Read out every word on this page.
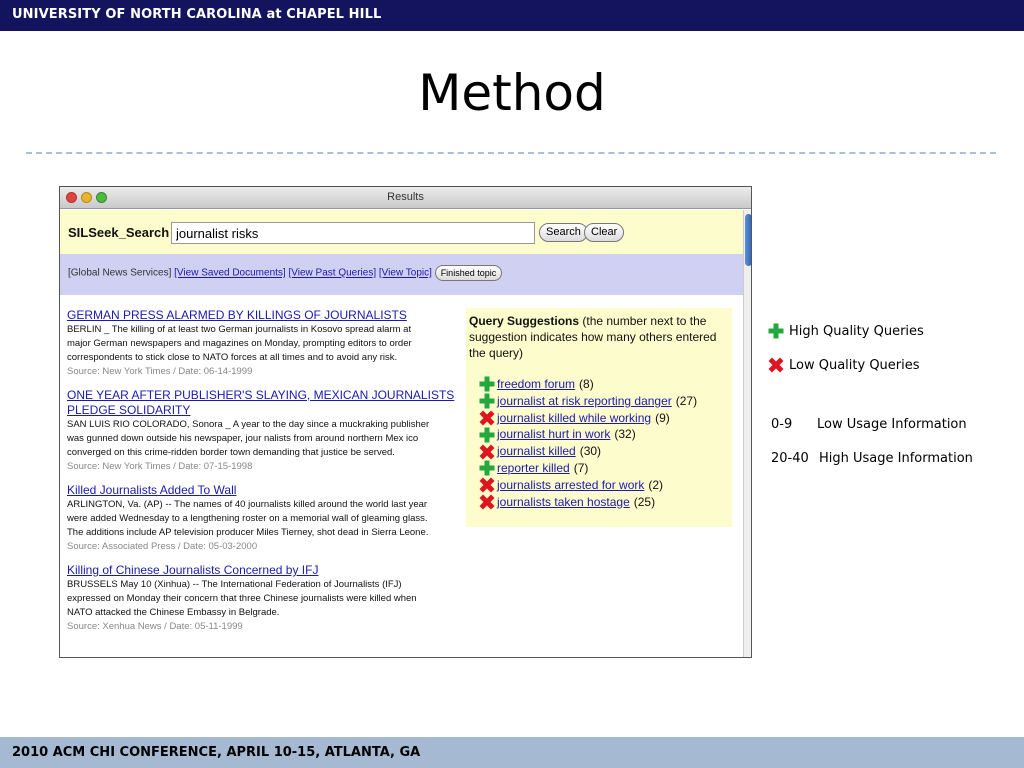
UNIVERSITY OF NORTH CAROLINA at CHAPEL HILL
Method
Results
SILSeek_Search
journalist risks	Search Clear
[Global News Services] [View Saved Documents] [View Past Queries] [View Topic] Finished topic
GERMAN PRESS ALARMED BY KILLINGS OF JOURNALISTS
BERLIN _ The killing of at least two German journalists in Kosovo spread alarm at
major German newspapers and magazines on Monday, prompting editors to order
correspondents to stick close to NATO forces at all times and to avoid any risk.
Source: New York Times / Date: 06-14-1999
ONE YEAR AFTER PUBLISHER'S SLAYING, MEXICAN JOURNALISTS PLEDGE SOLIDARITY
SAN LUIS RIO COLORADO, Sonora _ A year to the day since a muckraking publisher
was gunned down outside his newspaper, jour nalists from around northern Mex ico
converged on this crime-ridden border town demanding that justice be served.
Source: New York Times / Date: 07-15-1998
Killed Journalists Added To Wall
ARLINGTON, Va. (AP) -- The names of 40 journalists killed around the world last year
were added Wednesday to a lengthening roster on a memorial wall of gleaming glass.
The additions include AP television producer Miles Tierney, shot dead in Sierra Leone.
Source: Associated Press / Date: 05-03-2000
Killing of Chinese Journalists Concerned by IFJ
BRUSSELS May 10 (Xinhua) -- The International Federation of Journalists (IFJ)
expressed on Monday their concern that three Chinese journalists were killed when
NATO attacked the Chinese Embassy in Belgrade.
Source: Xenhua News / Date: 05-11-1999
Query Suggestions (the number next to the suggestion indicates how many others entered the query)
freedom forum (8)
journalist at risk reporting danger (27)
journalist killed while working (9)
journalist hurt in work (32)
journalist killed (30)
reporter killed (7)
journalists arrested for work (2)
journalists taken hostage (25)
High Quality Queries
Low Quality Queries
0-9 Low Usage Information
20-40 High Usage Information
2010 ACM CHI CONFERENCE, APRIL 10-15, ATLANTA, GA
